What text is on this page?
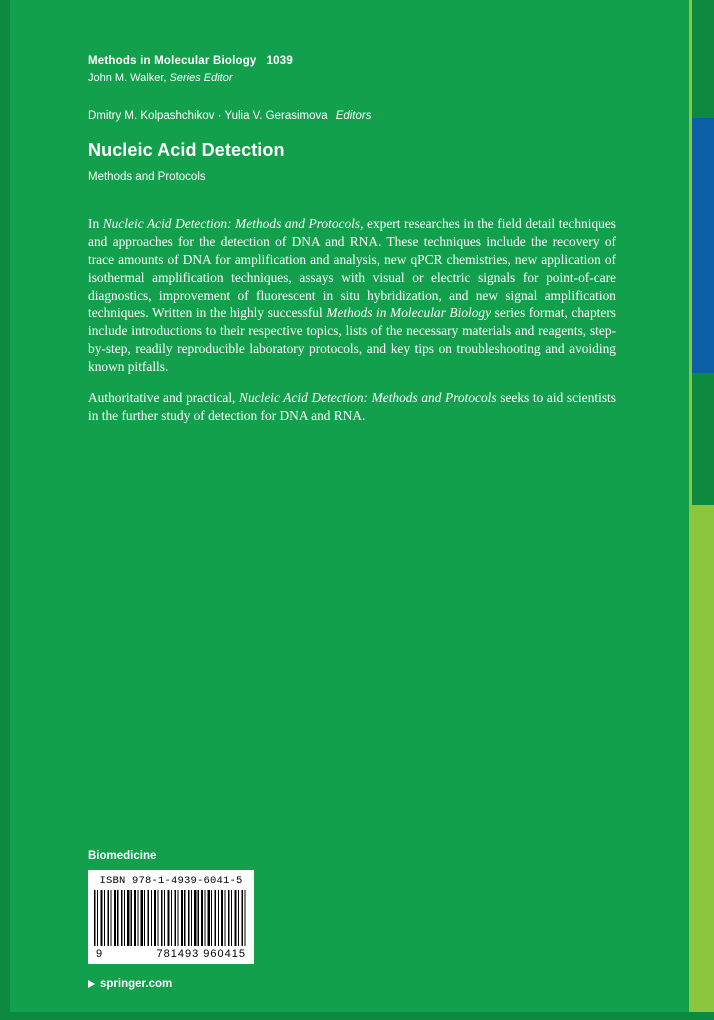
Methods in Molecular Biology 1039
John M. Walker, Series Editor
Dmitry M. Kolpashchikov · Yulia V. Gerasimova Editors
Nucleic Acid Detection
Methods and Protocols

In Nucleic Acid Detection: Methods and Protocols, expert researches in the field detail techniques and approaches for the detection of DNA and RNA. These techniques include the recovery of trace amounts of DNA for amplification and analysis, new qPCR chemistries, new application of isothermal amplification techniques, assays with visual or electric signals for point-of-care diagnostics, improvement of fluorescent in situ hybridization, and new signal amplification techniques. Written in the highly successful Methods in Molecular Biology series format, chapters include introductions to their respective topics, lists of the necessary materials and reagents, step-by-step, readily reproducible laboratory protocols, and key tips on troubleshooting and avoiding known pitfalls.

Authoritative and practical, Nucleic Acid Detection: Methods and Protocols seeks to aid scientists in the further study of detection for DNA and RNA.

Biomedicine
ISBN 978-1-4939-6041-5
9	781493 960415
springer.com
